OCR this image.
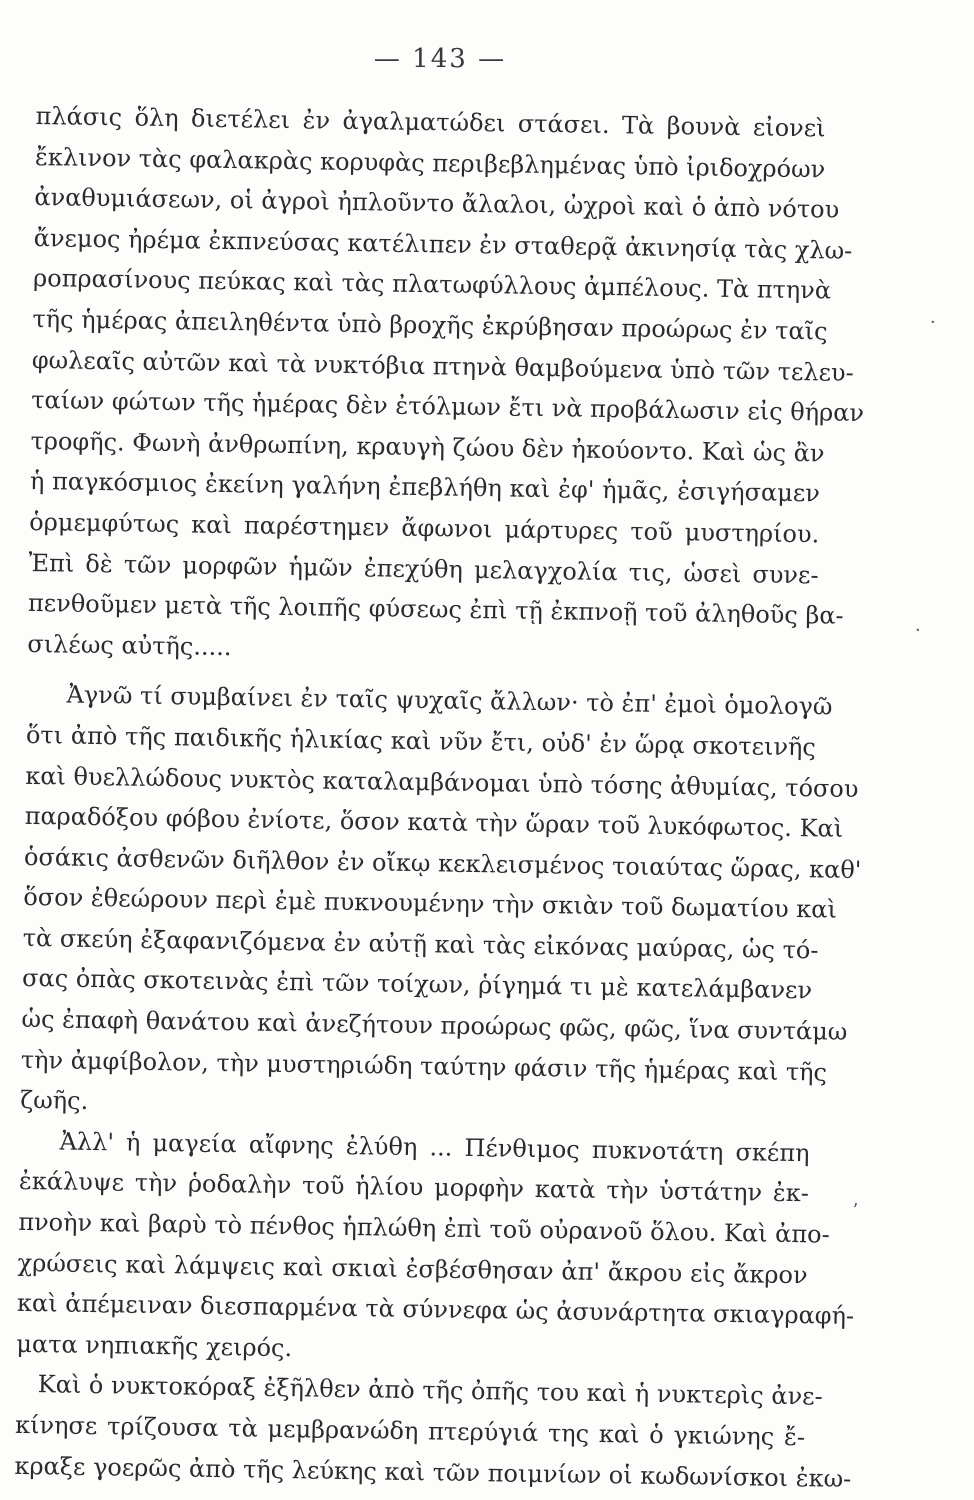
— 143 —
πλάσις ὅλη διετέλει ἐν ἀγαλματώδει στάσει. Τὰ βουνὰ εἰονεὶ
ἔκλινον τὰς φαλακρὰς κορυφὰς περιβεβλημένας ὑπὸ ἰριδοχρόων
ἀναθυμιάσεων, οἱ ἀγροὶ ἠπλοῦντο ἄλαλοι, ὠχροὶ καὶ ὁ ἀπὸ νότου
ἄνεμος ἠρέμα ἐκπνεύσας κατέλιπεν ἐν σταθερᾷ ἀκινησίᾳ τὰς χλω-
ροπρασίνους πεύκας καὶ τὰς πλατωφύλλους ἀμπέλους. Τὰ πτηνὰ
τῆς ἡμέρας ἀπειληθέντα ὑπὸ βροχῆς ἐκρύβησαν προώρως ἐν ταῖς
φωλεαῖς αὐτῶν καὶ τὰ νυκτόβια πτηνὰ θαμβούμενα ὑπὸ τῶν τελευ-
ταίων φώτων τῆς ἡμέρας δὲν ἐτόλμων ἔτι νὰ προβάλωσιν εἰς θήραν
τροφῆς. Φωνὴ ἀνθρωπίνη, κραυγὴ ζώου δὲν ἠκούοντο. Καὶ ὡς ἂν
ἡ παγκόσμιος ἐκείνη γαλήνη ἐπεβλήθη καὶ ἐφ' ἡμᾶς, ἐσιγήσαμεν
ὁρμεμφύτως καὶ παρέστημεν ἄφωνοι μάρτυρες τοῦ μυστηρίου.
Ἐπὶ δὲ τῶν μορφῶν ἡμῶν ἐπεχύθη μελαγχολία τις, ὡσεὶ συνε-
πενθοῦμεν μετὰ τῆς λοιπῆς φύσεως ἐπὶ τῇ ἐκπνοῇ τοῦ ἀληθοῦς βα-
σιλέως αὐτῆς.....
Ἀγνῶ τί συμβαίνει ἐν ταῖς ψυχαῖς ἄλλων· τὸ ἐπ' ἐμοὶ ὁμολογῶ
ὅτι ἀπὸ τῆς παιδικῆς ἡλικίας καὶ νῦν ἔτι, οὐδ' ἐν ὥρᾳ σκοτεινῆς
καὶ θυελλώδους νυκτὸς καταλαμβάνομαι ὑπὸ τόσης ἀθυμίας, τόσου
παραδόξου φόβου ἐνίοτε, ὅσον κατὰ τὴν ὥραν τοῦ λυκόφωτος. Καὶ
ὁσάκις ἀσθενῶν διῆλθον ἐν οἴκῳ κεκλεισμένος τοιαύτας ὥρας, καθ'
ὅσον ἐθεώρουν περὶ ἐμὲ πυκνουμένην τὴν σκιὰν τοῦ δωματίου καὶ
τὰ σκεύη ἐξαφανιζόμενα ἐν αὐτῇ καὶ τὰς εἰκόνας μαύρας, ὡς τό-
σας ὀπὰς σκοτεινὰς ἐπὶ τῶν τοίχων, ῥίγημά τι μὲ κατελάμβανεν
ὡς ἐπαφὴ θανάτου καὶ ἀνεζήτουν προώρως φῶς, φῶς, ἵνα συντάμω
τὴν ἀμφίβολον, τὴν μυστηριώδη ταύτην φάσιν τῆς ἡμέρας καὶ τῆς
ζωῆς.
Ἀλλ' ἡ μαγεία αἴφνης ἐλύθη ... Πένθιμος πυκνοτάτη σκέπη
ἐκάλυψε τὴν ῥοδαλὴν τοῦ ἡλίου μορφὴν κατὰ τὴν ὑστάτην ἐκ-
πνοὴν καὶ βαρὺ τὸ πένθος ἡπλώθη ἐπὶ τοῦ οὐρανοῦ ὅλου. Καὶ ἀπο-
χρώσεις καὶ λάμψεις καὶ σκιαὶ ἐσβέσθησαν ἀπ' ἄκρου εἰς ἄκρον
καὶ ἀπέμειναν διεσπαρμένα τὰ σύννεφα ὡς ἀσυνάρτητα σκιαγραφή-
ματα νηπιακῆς χειρός.
Καὶ ὁ νυκτοκόραξ ἐξῆλθεν ἀπὸ τῆς ὀπῆς του καὶ ἡ νυκτερὶς ἀνε-
κίνησε τρίζουσα τὰ μεμβρανώδη πτερύγιά της καὶ ὁ γκιώνης ἔ-
κραξε γοερῶς ἀπὸ τῆς λεύκης καὶ τῶν ποιμνίων οἱ κωδωνίσκοι ἐκω-
·
·
ʼ
